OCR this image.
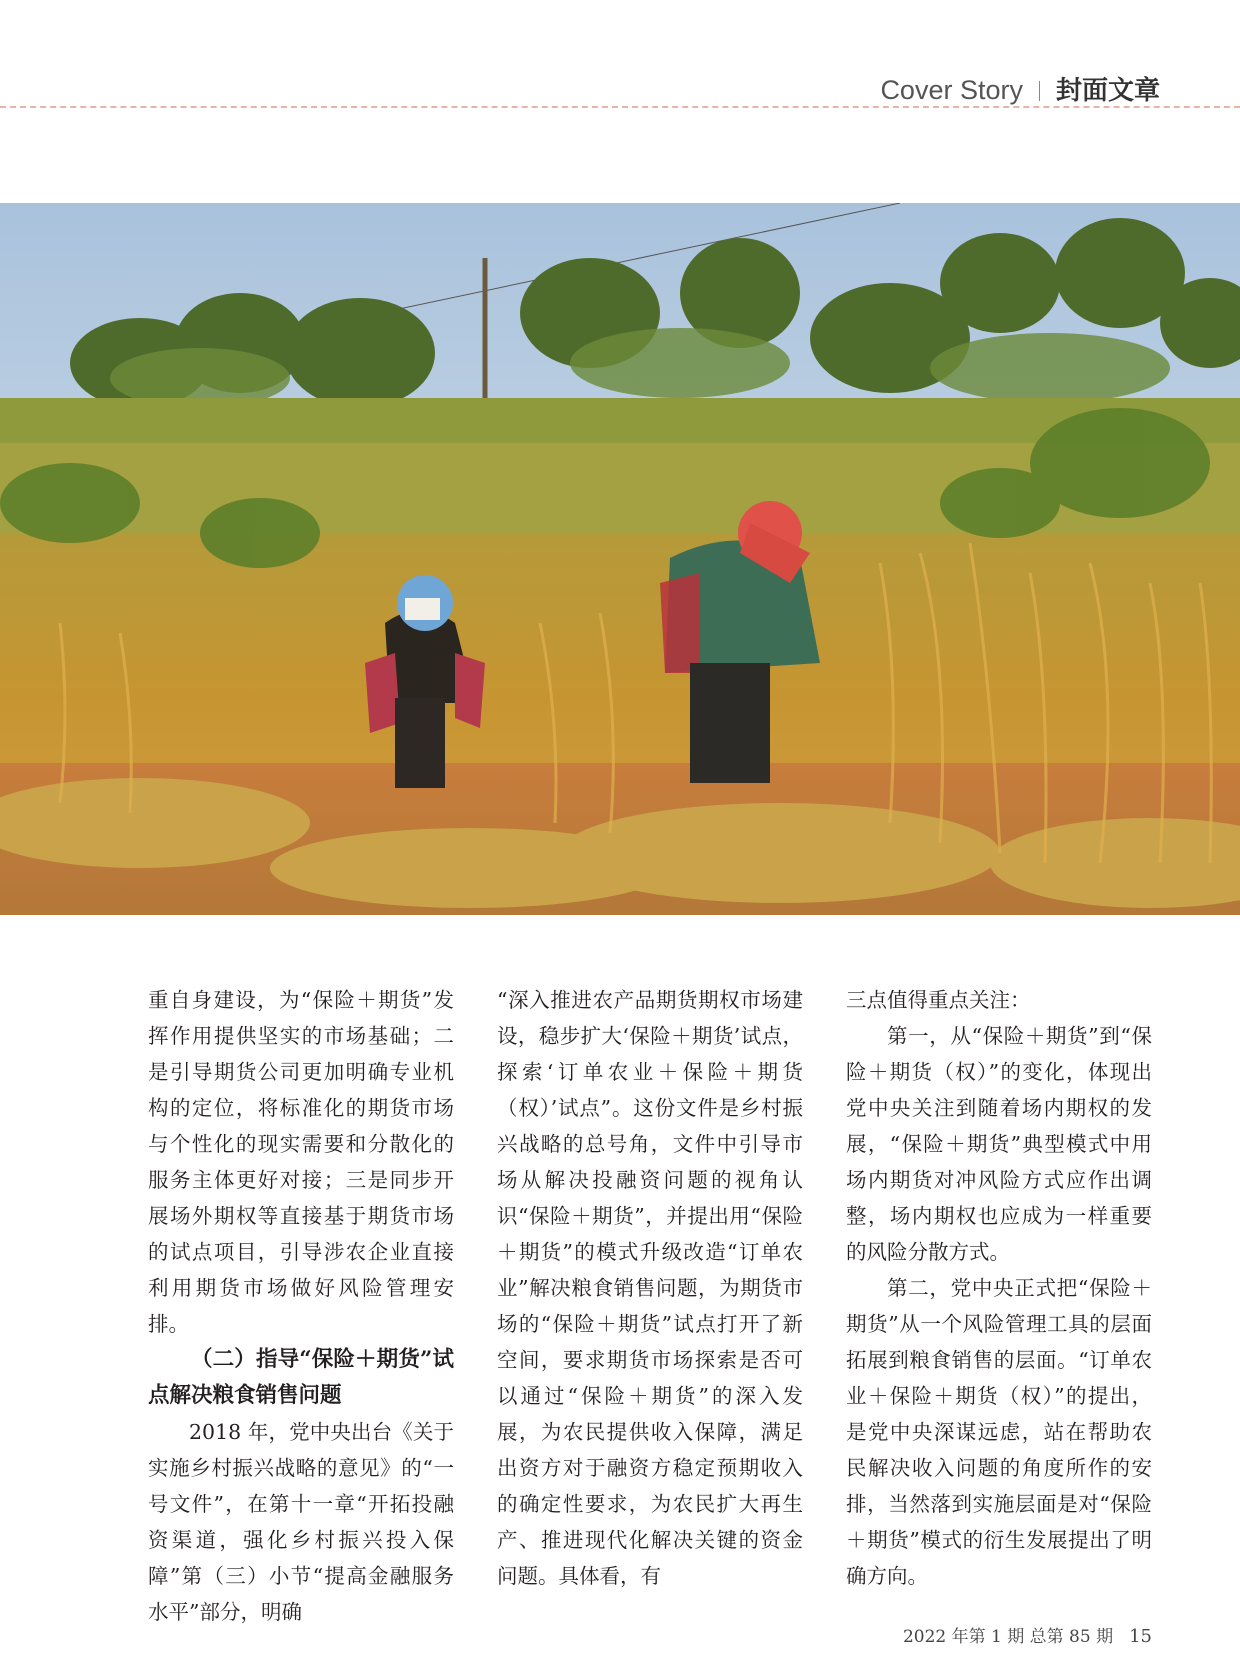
Cover Story 封面文章

重自身建设，为“保险＋期货”发挥作用提供坚实的市场基础；二是引导期货公司更加明确专业机构的定位，将标准化的期货市场与个性化的现实需要和分散化的服务主体更好对接；三是同步开展场外期权等直接基于期货市场的试点项目，引导涉农企业直接利用期货市场做好风险管理安排。

（二）指导“保险＋期货”试点解决粮食销售问题

2018 年，党中央出台《关于实施乡村振兴战略的意见》的“一号文件”，在第十一章“开拓投融资渠道，强化乡村振兴投入保障”第（三）小节“提高金融服务水平”部分，明确

“深入推进农产品期货期权市场建设，稳步扩大‘保险＋期货’试点，探索‘订单农业＋保险＋期货（权）’试点”。这份文件是乡村振兴战略的总号角，文件中引导市场从解决投融资问题的视角认识“保险＋期货”，并提出用“保险＋期货”的模式升级改造“订单农业”解决粮食销售问题，为期货市场的“保险＋期货”试点打开了新空间，要求期货市场探索是否可以通过“保险＋期货”的深入发展，为农民提供收入保障，满足出资方对于融资方稳定预期收入的确定性要求，为农民扩大再生产、推进现代化解决关键的资金问题。具体看，有

三点值得重点关注：

第一，从“保险＋期货”到“保险＋期货（权）”的变化，体现出党中央关注到随着场内期权的发展，“保险＋期货”典型模式中用场内期货对冲风险方式应作出调整，场内期权也应成为一样重要的风险分散方式。

第二，党中央正式把“保险＋期货”从一个风险管理工具的层面拓展到粮食销售的层面。“订单农业＋保险＋期货（权）”的提出，是党中央深谋远虑，站在帮助农民解决收入问题的角度所作的安排，当然落到实施层面是对“保险＋期货”模式的衍生发展提出了明确方向。

2022 年第 1 期 总第 85 期 15
